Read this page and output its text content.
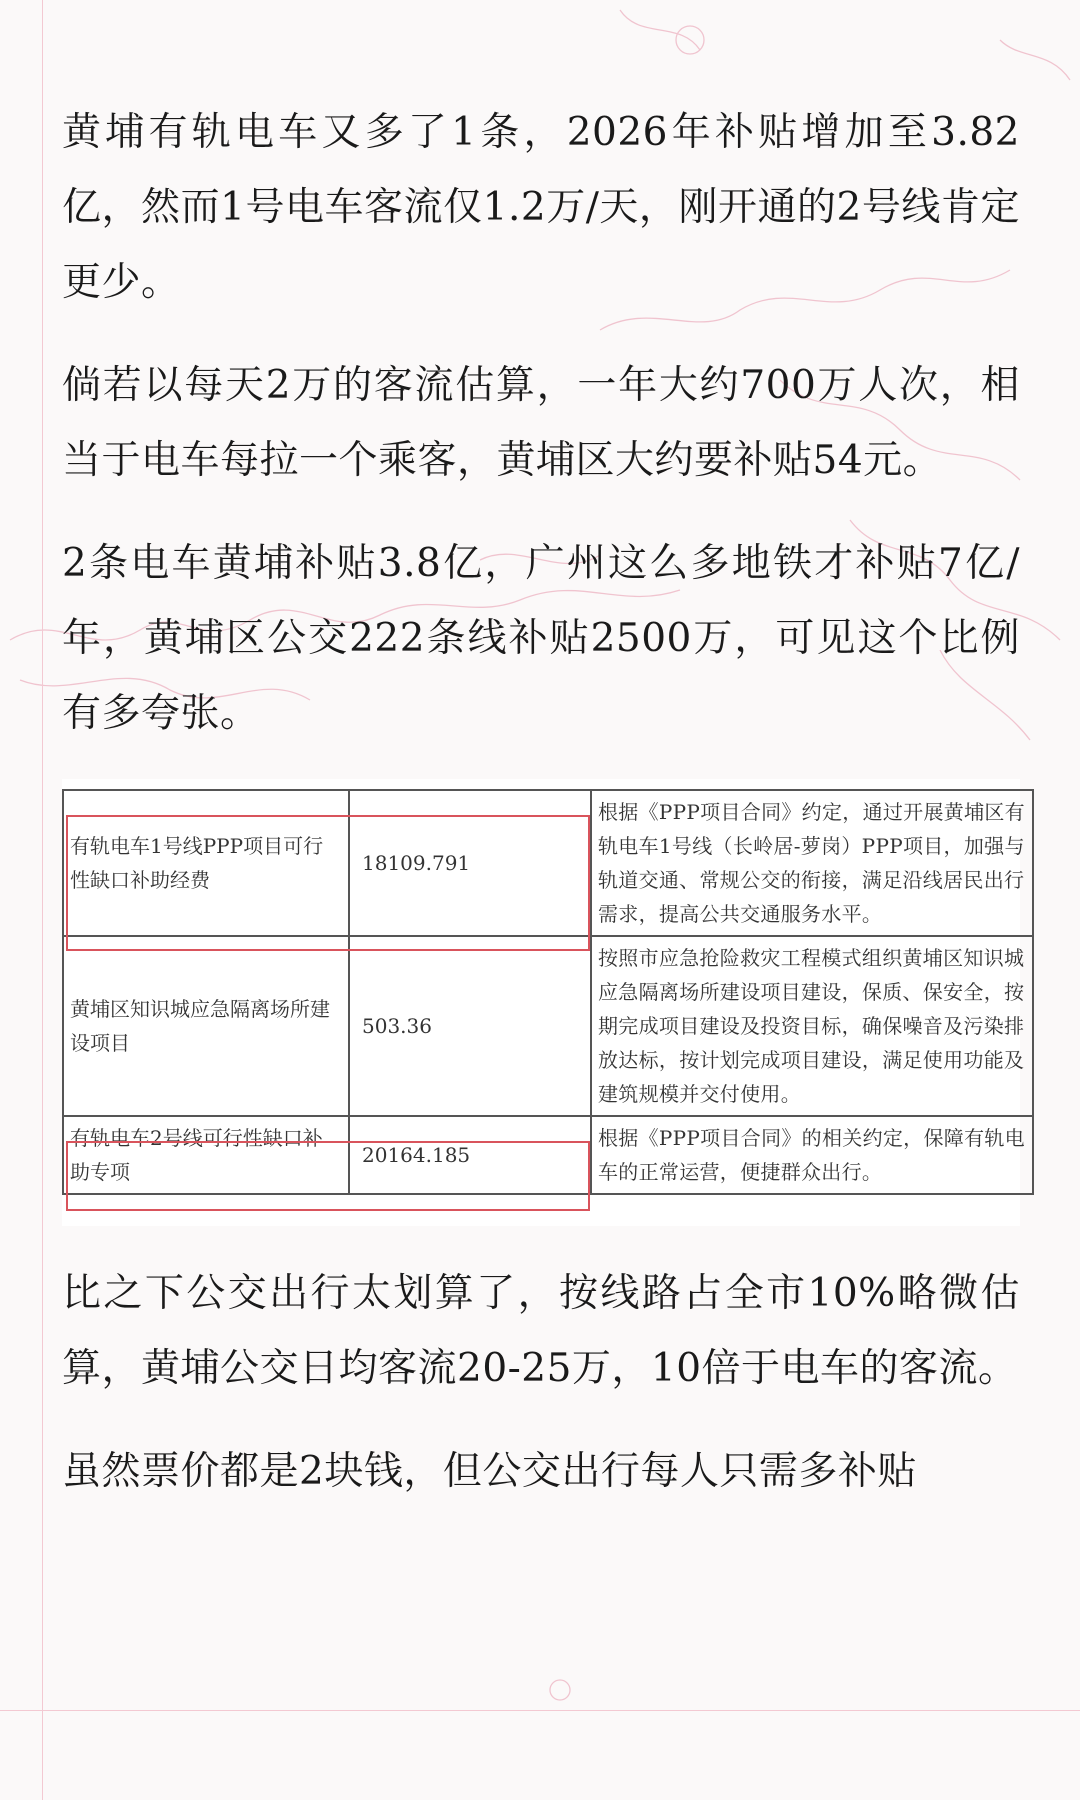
黄埔有轨电车又多了1条，2026年补贴增加至3.82亿，然而1号电车客流仅1.2万/天，刚开通的2号线肯定更少。

倘若以每天2万的客流估算，一年大约700万人次，相当于电车每拉一个乘客，黄埔区大约要补贴54元。

2条电车黄埔补贴3.8亿，广州这么多地铁才补贴7亿/年，黄埔区公交222条线补贴2500万，可见这个比例有多夸张。

有轨电车1号线PPP项目可行性缺口补助经费	18109.791	根据《PPP项目合同》约定，通过开展黄埔区有轨电车1号线（长岭居-萝岗）PPP项目，加强与轨道交通、常规公交的衔接，满足沿线居民出行需求，提高公共交通服务水平。
黄埔区知识城应急隔离场所建设项目	503.36	按照市应急抢险救灾工程模式组织黄埔区知识城应急隔离场所建设项目建设，保质、保安全，按期完成项目建设及投资目标，确保噪音及污染排放达标，按计划完成项目建设，满足使用功能及建筑规模并交付使用。
有轨电车2号线可行性缺口补助专项	20164.185	根据《PPP项目合同》的相关约定，保障有轨电车的正常运营，便捷群众出行。

比之下公交出行太划算了，按线路占全市10%略微估算，黄埔公交日均客流20-25万，10倍于电车的客流。

虽然票价都是2块钱，但公交出行每人只需多补贴
